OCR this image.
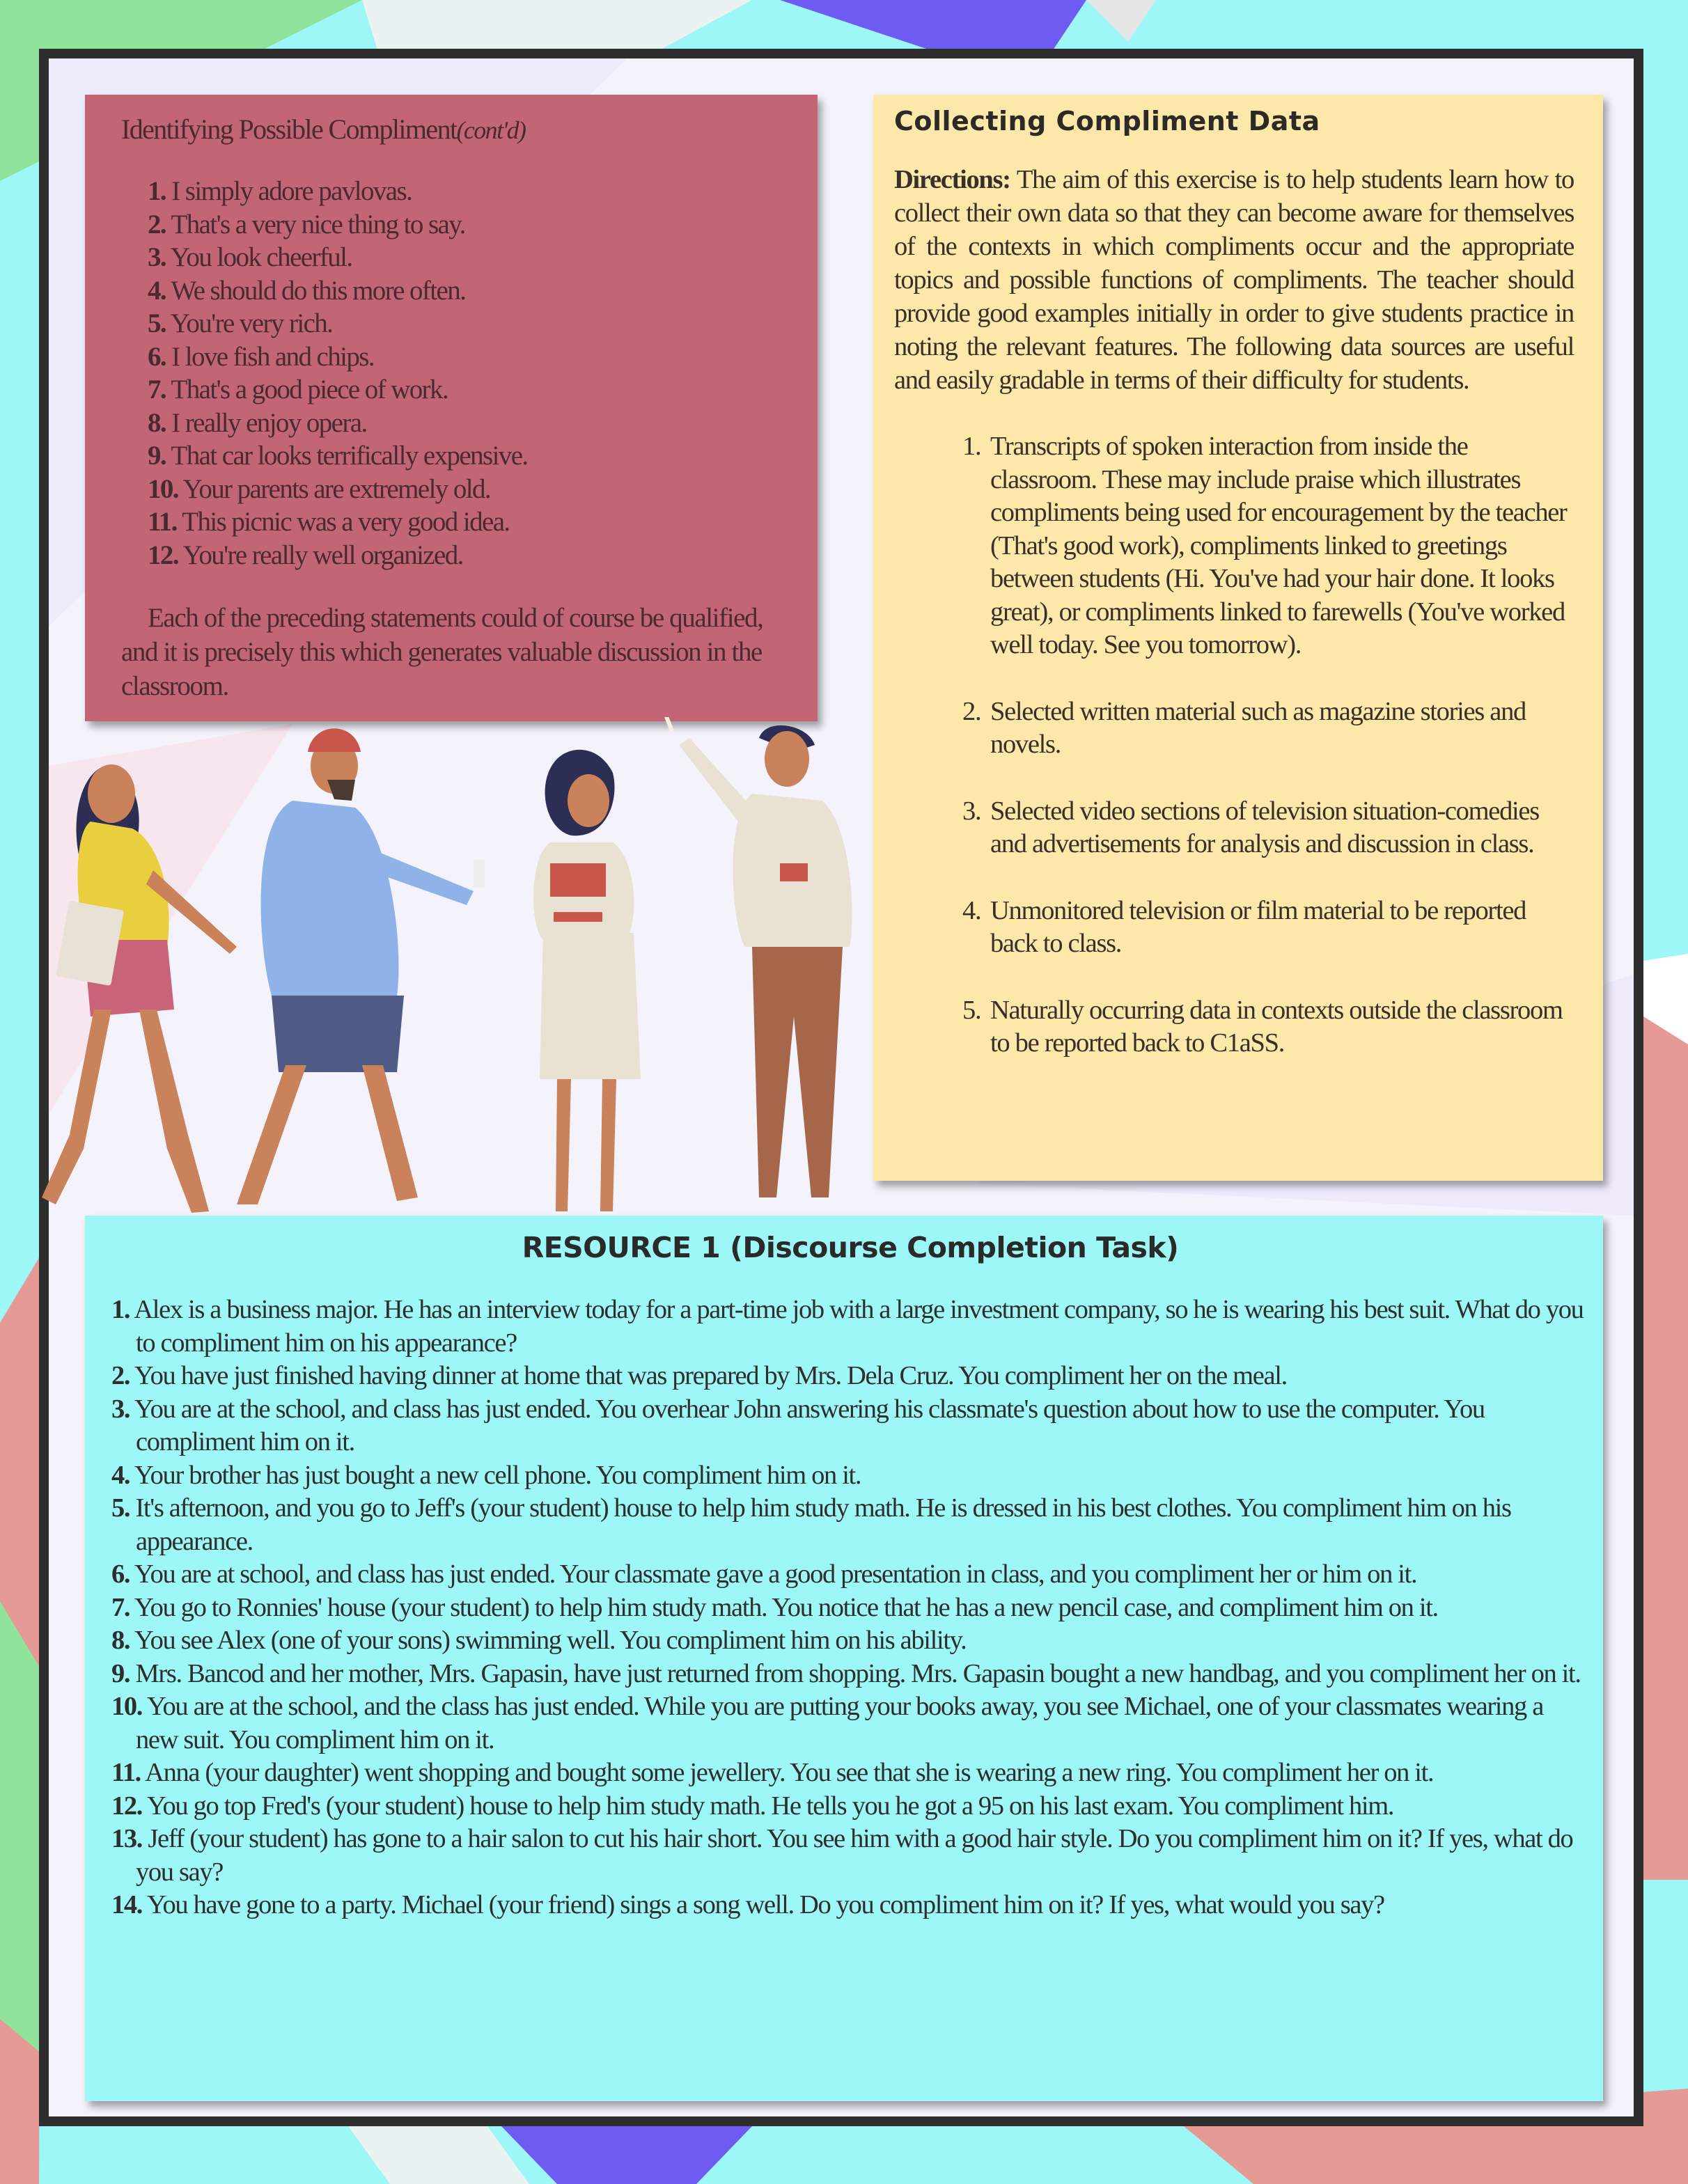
Identifying Possible Compliment(cont'd)
1. I simply adore pavlovas.
2. That's a very nice thing to say.
3. You look cheerful.
4. We should do this more often.
5. You're very rich.
6. I love fish and chips.
7. That's a good piece of work.
8. I really enjoy opera.
9. That car looks terrifically expensive.
10. Your parents are extremely old.
11. This picnic was a very good idea.
12. You're really well organized.
Each of the preceding statements could of course be qualified, and it is precisely this which generates valuable discussion in the classroom.
Collecting Compliment Data
Directions: The aim of this exercise is to help students learn how to collect their own data so that they can become aware for themselves of the contexts in which compliments occur and the appropriate topics and possible functions of compliments. The teacher should provide good examples initially in order to give students practice in noting the relevant features. The following data sources are useful and easily gradable in terms of their difficulty for students.
1. Transcripts of spoken interaction from inside the classroom. These may include praise which illustrates compliments being used for encouragement by the teacher (That's good work), compliments linked to greetings between students (Hi. You've had your hair done. It looks great), or compliments linked to farewells (You've worked well today. See you tomorrow).
2. Selected written material such as magazine stories and novels.
3. Selected video sections of television situation-comedies and advertisements for analysis and discussion in class.
4. Unmonitored television or film material to be reported back to class.
5. Naturally occurring data in contexts outside the classroom to be reported back to C1aSS.
RESOURCE 1 (Discourse Completion Task)
1. Alex is a business major. He has an interview today for a part-time job with a large investment company, so he is wearing his best suit. What do you to compliment him on his appearance?
2. You have just finished having dinner at home that was prepared by Mrs. Dela Cruz. You compliment her on the meal.
3. You are at the school, and class has just ended. You overhear John answering his classmate's question about how to use the computer. You compliment him on it.
4. Your brother has just bought a new cell phone. You compliment him on it.
5. It's afternoon, and you go to Jeff's (your student) house to help him study math. He is dressed in his best clothes. You compliment him on his appearance.
6. You are at school, and class has just ended. Your classmate gave a good presentation in class, and you compliment her or him on it.
7. You go to Ronnies' house (your student) to help him study math. You notice that he has a new pencil case, and compliment him on it.
8. You see Alex (one of your sons) swimming well. You compliment him on his ability.
9. Mrs. Bancod and her mother, Mrs. Gapasin, have just returned from shopping. Mrs. Gapasin bought a new handbag, and you compliment her on it.
10. You are at the school, and the class has just ended. While you are putting your books away, you see Michael, one of your classmates wearing a new suit. You compliment him on it.
11. Anna (your daughter) went shopping and bought some jewellery. You see that she is wearing a new ring. You compliment her on it.
12. You go top Fred's (your student) house to help him study math. He tells you he got a 95 on his last exam. You compliment him.
13. Jeff (your student) has gone to a hair salon to cut his hair short. You see him with a good hair style. Do you compliment him on it? If yes, what do you say?
14. You have gone to a party. Michael (your friend) sings a song well. Do you compliment him on it? If yes, what would you say?
